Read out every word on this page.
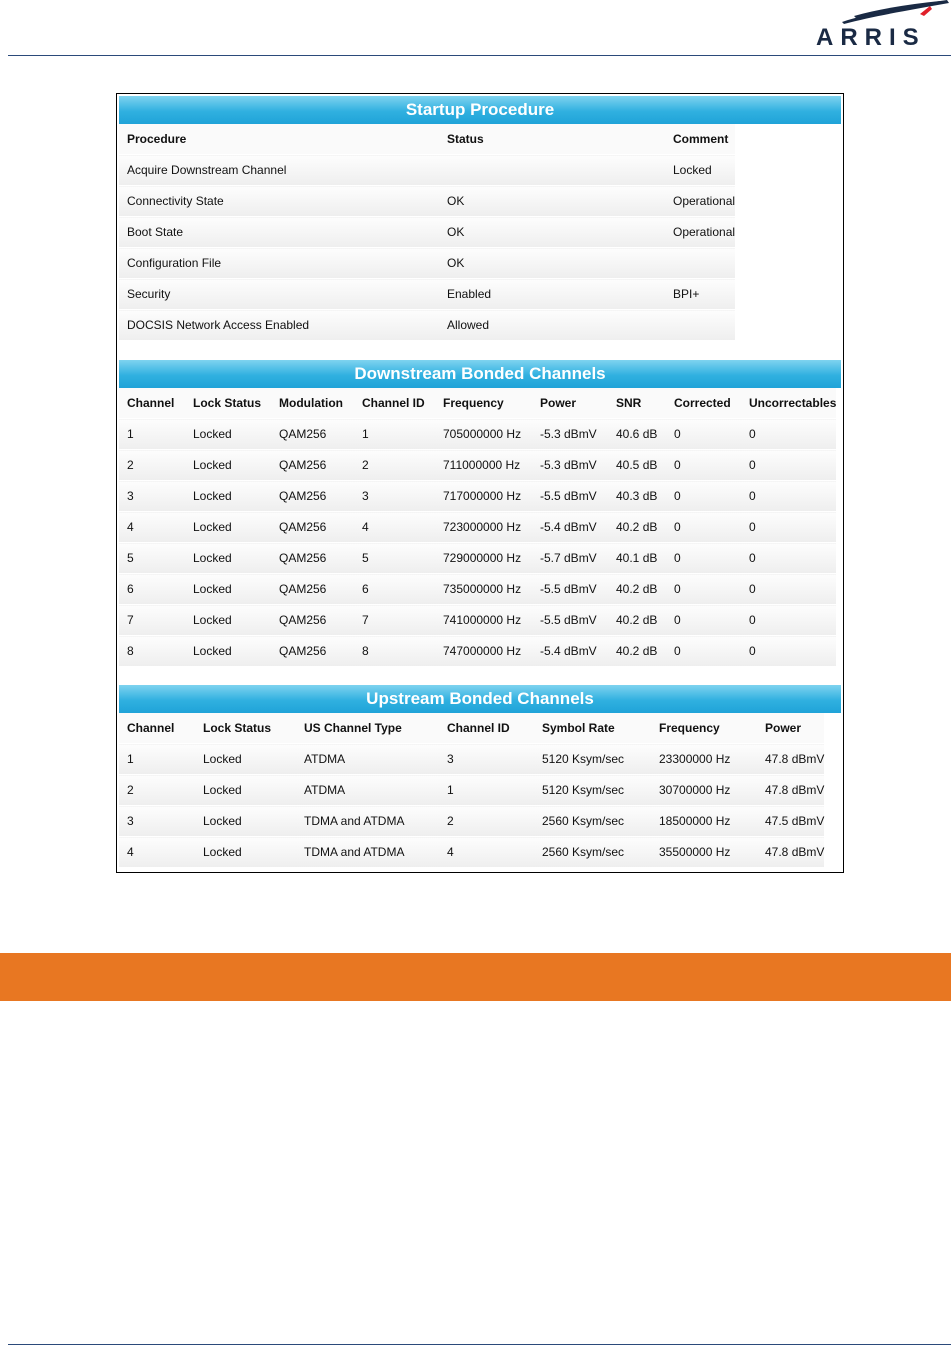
ARRIS
Startup Procedure
Procedure	Status	Comment
Acquire Downstream Channel		Locked
Connectivity State	OK	Operational
Boot State	OK	Operational
Configuration File	OK	
Security	Enabled	BPI+
DOCSIS Network Access Enabled	Allowed	
Downstream Bonded Channels
Channel	Lock Status	Modulation	Channel ID	Frequency	Power	SNR	Corrected	Uncorrectables
1	Locked	QAM256	1	705000000 Hz	-5.3 dBmV	40.6 dB	0	0
2	Locked	QAM256	2	711000000 Hz	-5.3 dBmV	40.5 dB	0	0
3	Locked	QAM256	3	717000000 Hz	-5.5 dBmV	40.3 dB	0	0
4	Locked	QAM256	4	723000000 Hz	-5.4 dBmV	40.2 dB	0	0
5	Locked	QAM256	5	729000000 Hz	-5.7 dBmV	40.1 dB	0	0
6	Locked	QAM256	6	735000000 Hz	-5.5 dBmV	40.2 dB	0	0
7	Locked	QAM256	7	741000000 Hz	-5.5 dBmV	40.2 dB	0	0
8	Locked	QAM256	8	747000000 Hz	-5.4 dBmV	40.2 dB	0	0
Upstream Bonded Channels
Channel	Lock Status	US Channel Type	Channel ID	Symbol Rate	Frequency	Power
1	Locked	ATDMA	3	5120 Ksym/sec	23300000 Hz	47.8 dBmV
2	Locked	ATDMA	1	5120 Ksym/sec	30700000 Hz	47.8 dBmV
3	Locked	TDMA and ATDMA	2	2560 Ksym/sec	18500000 Hz	47.5 dBmV
4	Locked	TDMA and ATDMA	4	2560 Ksym/sec	35500000 Hz	47.8 dBmV
